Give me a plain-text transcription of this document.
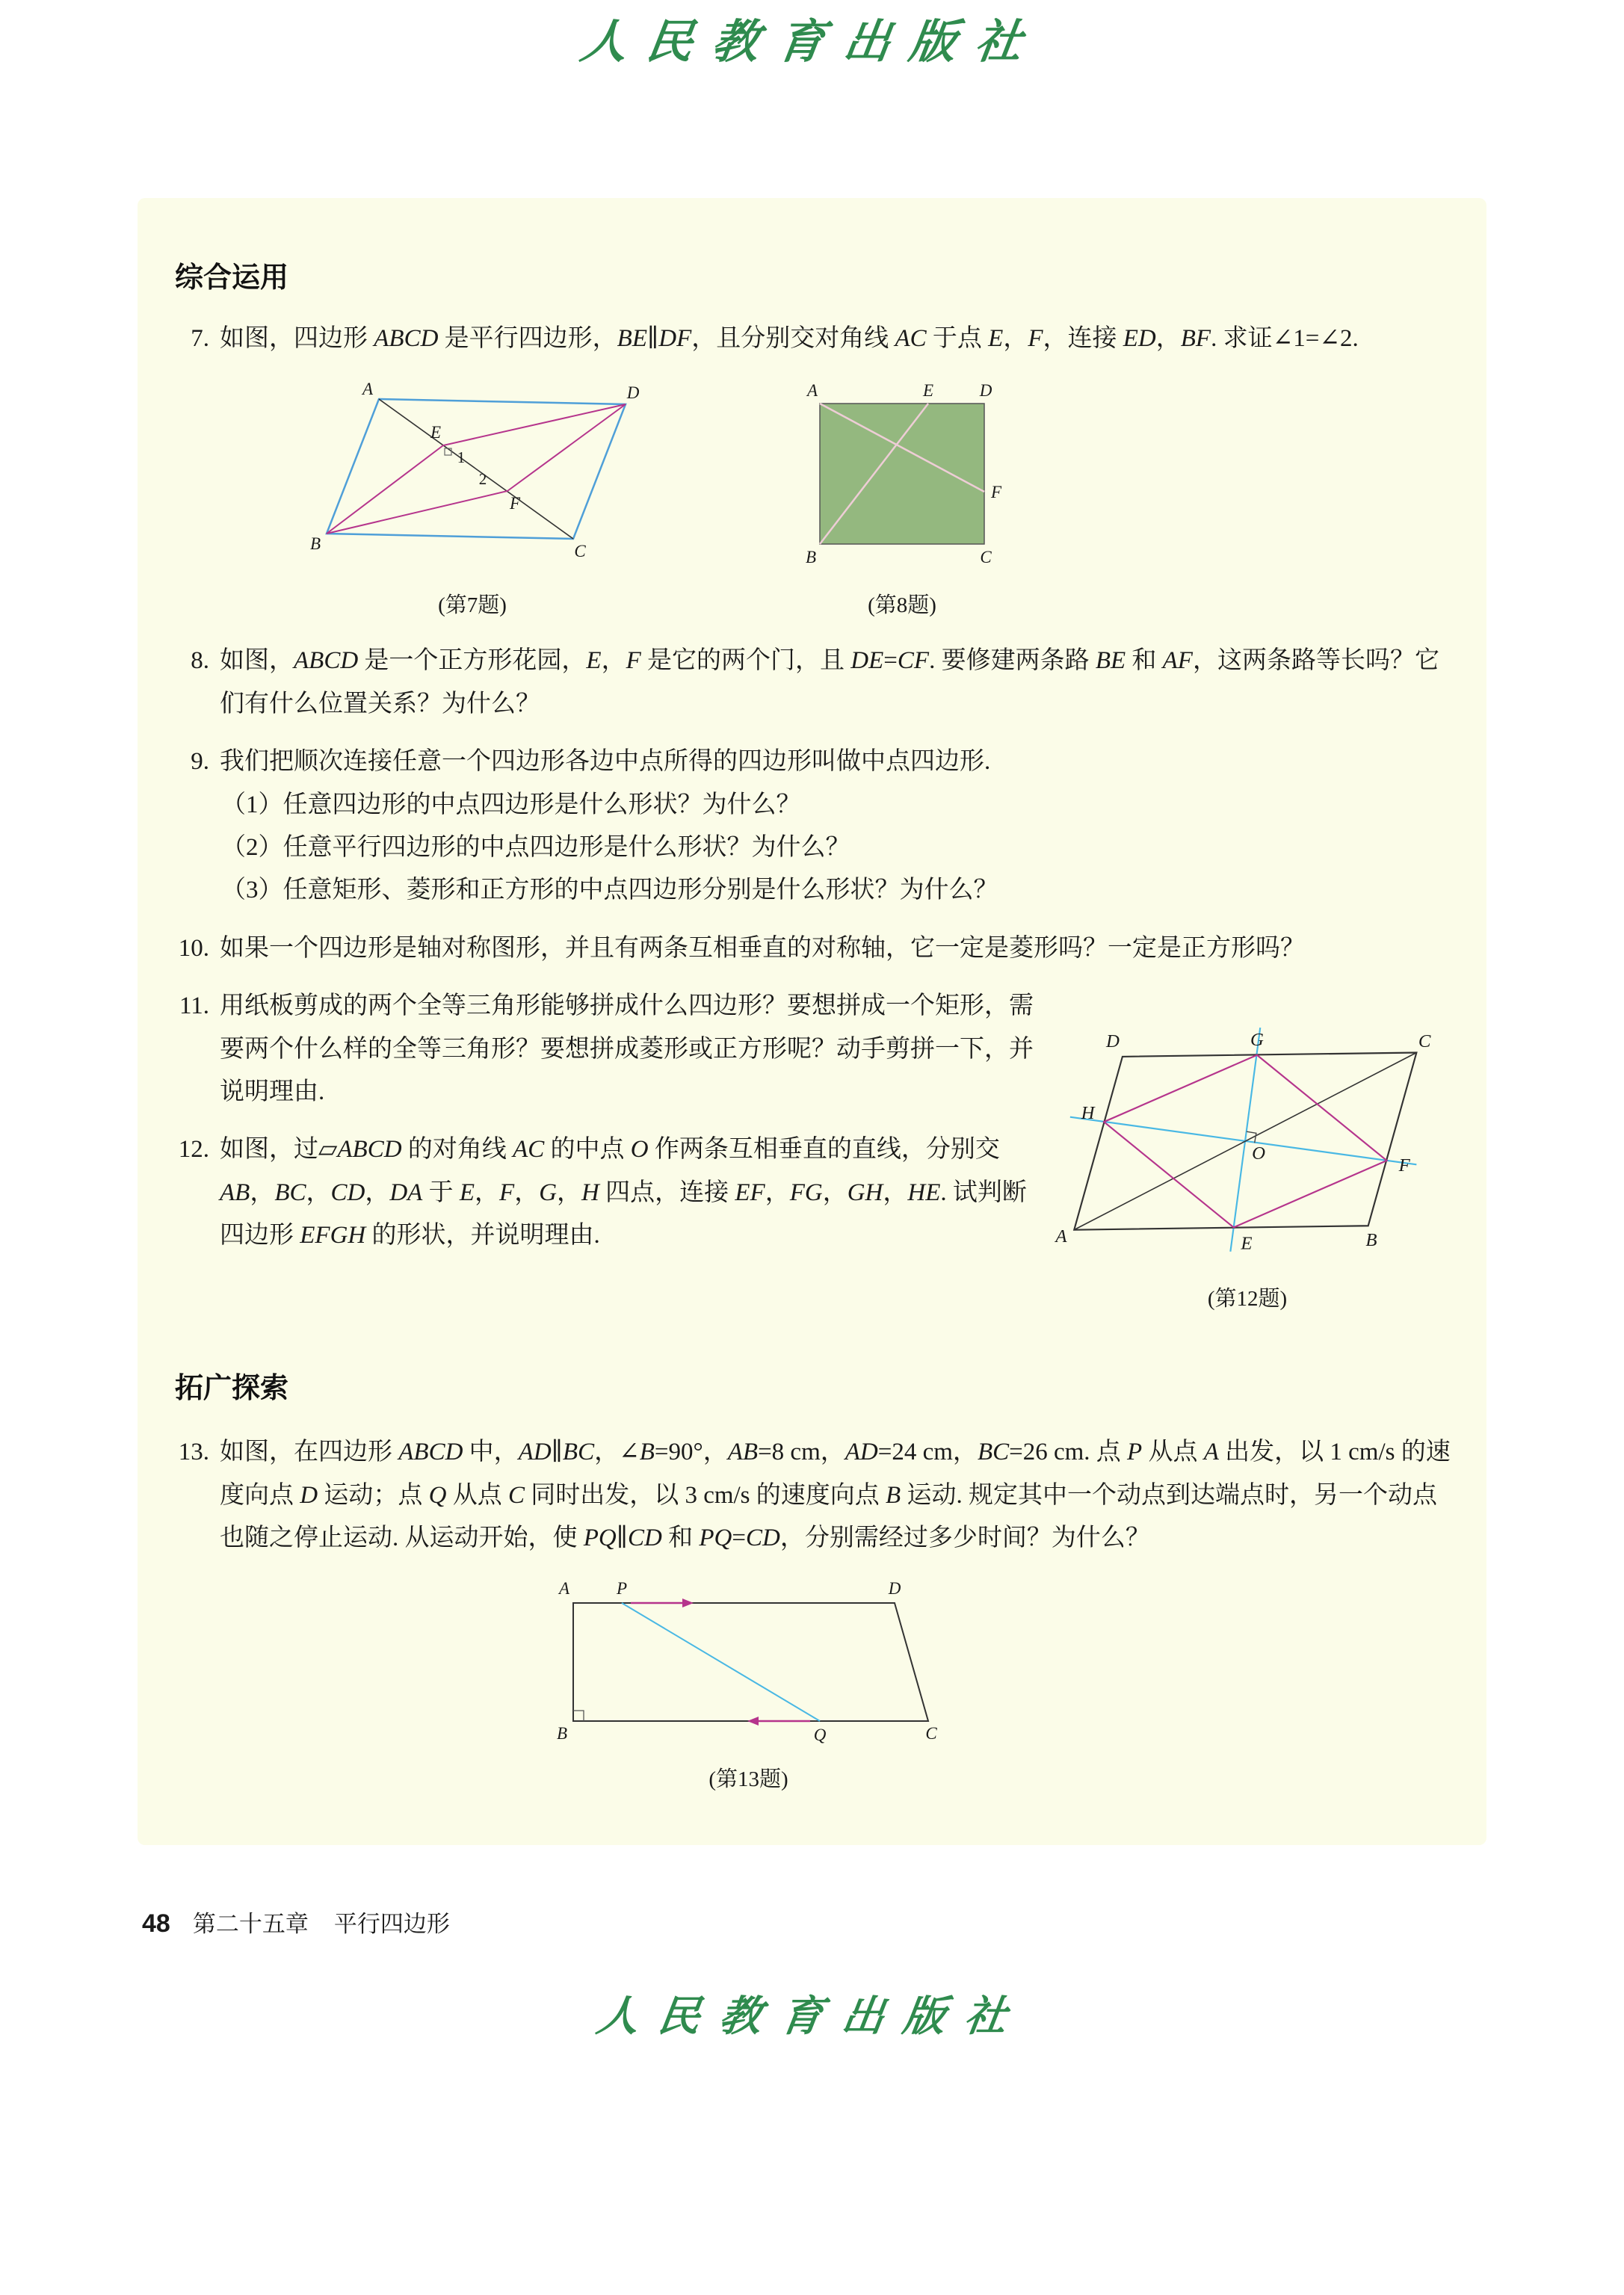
人民教育出版社
综合运用
7. 如图，四边形 ABCD 是平行四边形，BE∥DF，且分别交对角线 AC 于点 E，F，连接 ED，BF. 求证∠1=∠2.
A	D
B	C
E
F
1
2
(第7题)
A	E	D
F
B	C
(第8题)
8. 如图，ABCD 是一个正方形花园，E，F 是它的两个门，且 DE=CF. 要修建两条路 BE 和 AF，这两条路等长吗？它们有什么位置关系？为什么？
9. 我们把顺次连接任意一个四边形各边中点所得的四边形叫做中点四边形.
（1）任意四边形的中点四边形是什么形状？为什么？
（2）任意平行四边形的中点四边形是什么形状？为什么？
（3）任意矩形、菱形和正方形的中点四边形分别是什么形状？为什么？
10. 如果一个四边形是轴对称图形，并且有两条互相垂直的对称轴，它一定是菱形吗？一定是正方形吗？
11. 用纸板剪成的两个全等三角形能够拼成什么四边形？要想拼成一个矩形，需要两个什么样的全等三角形？要想拼成菱形或正方形呢？动手剪拼一下，并说明理由.
12. 如图，过▱ABCD 的对角线 AC 的中点 O 作两条互相垂直的直线，分别交 AB，BC，CD，DA 于 E，F，G，H 四点，连接 EF，FG，GH，HE. 试判断四边形 EFGH 的形状，并说明理由.
D	G	C
H
O
F
A	E	B
(第12题)
拓广探索
13. 如图，在四边形 ABCD 中，AD∥BC，∠B=90°，AB=8 cm，AD=24 cm，BC=26 cm. 点 P 从点 A 出发，以 1 cm/s 的速度向点 D 运动；点 Q 从点 C 同时出发，以 3 cm/s 的速度向点 B 运动. 规定其中一个动点到达端点时，另一个动点也随之停止运动. 从运动开始，使 PQ∥CD 和 PQ=CD，分别需经过多少时间？为什么？
A	P	D
B	Q	C
(第13题)
48 第二十五章 平行四边形
人民教育出版社
